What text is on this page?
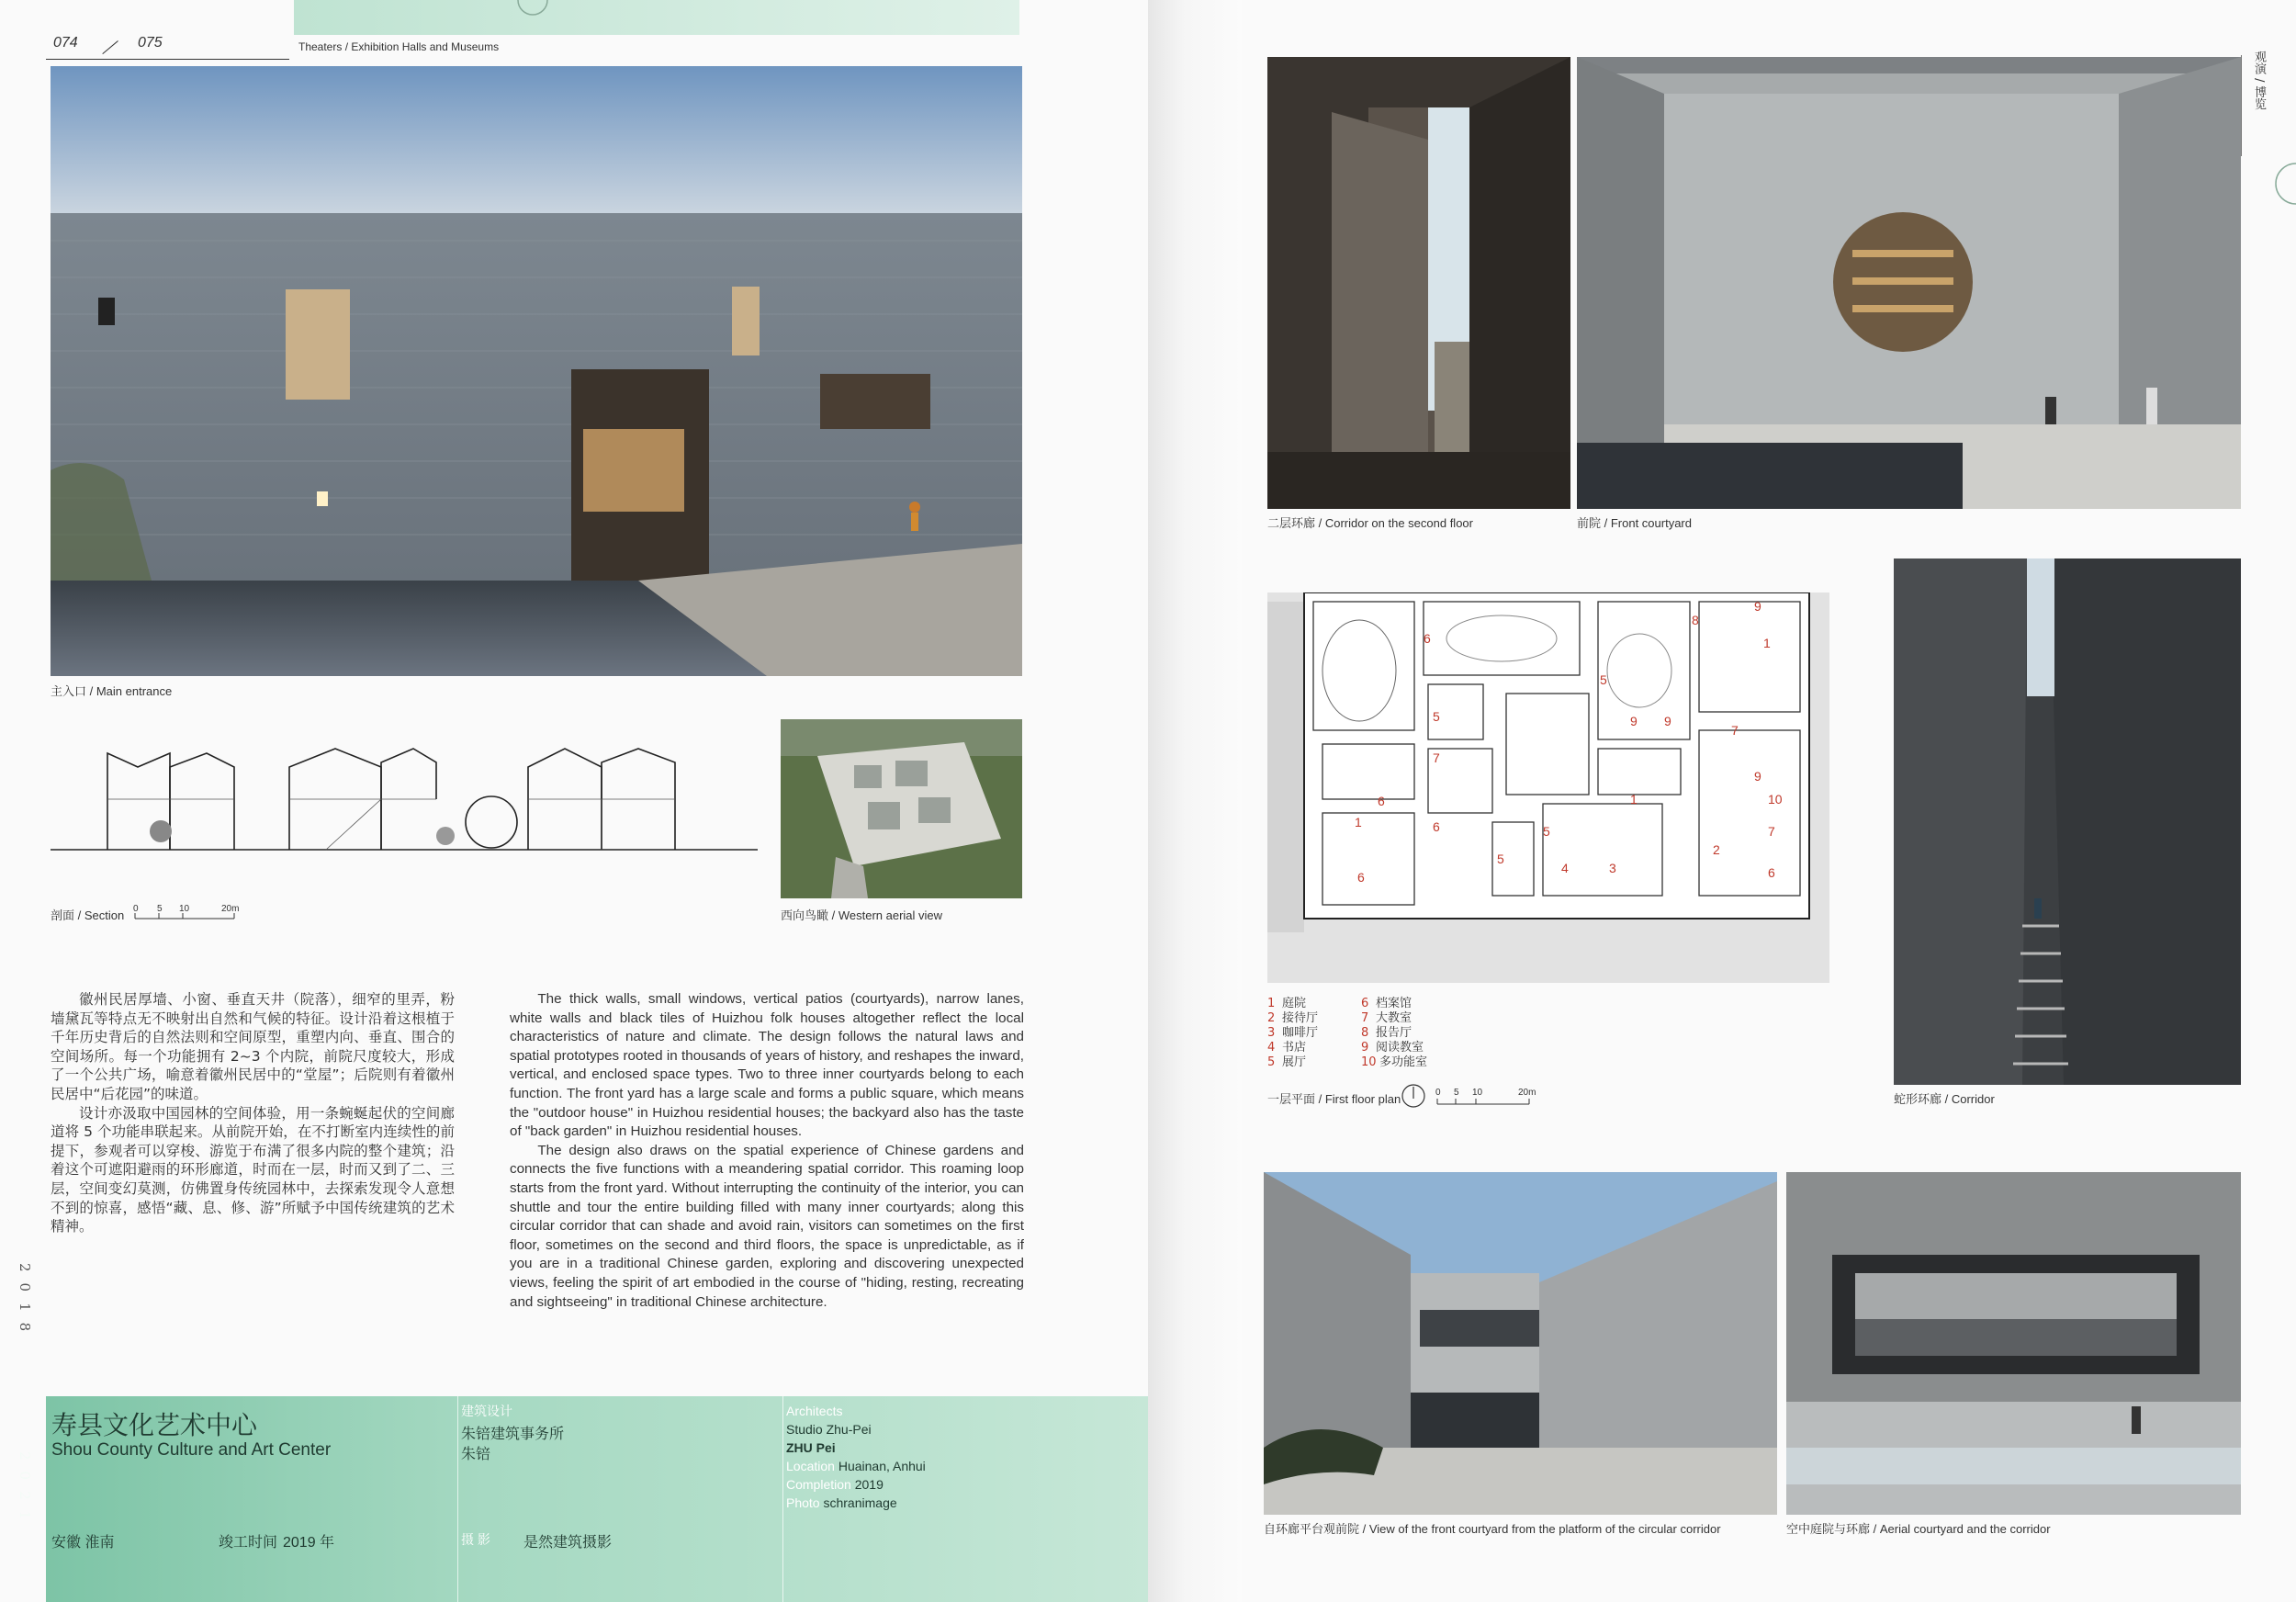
074	075	Theaters / Exhibition Halls and Museums
主入口 / Main entrance
剖面 / Section 0 5 10	20m	西向鸟瞰 / Western aerial view

徽州民居厚墙、小窗、垂直天井（院落），细窄的里弄，粉墙黛瓦等特点无不映射出自然和气候的特征。设计沿着这根植于千年历史背后的自然法则和空间原型，重塑内向、垂直、围合的空间场所。每一个功能拥有 2~3 个内院，前院尺度较大，形成了一个公共广场，喻意着徽州民居中的“堂屋”；后院则有着徽州民居中“后花园”的味道。

设计亦汲取中国园林的空间体验，用一条蜿蜒起伏的空间廊道将 5 个功能串联起来。从前院开始，在不打断室内连续性的前提下，参观者可以穿梭、游览于布满了很多内院的整个建筑；沿着这个可遮阳避雨的环形廊道，时而在一层，时而又到了二、三层，空间变幻莫测，仿佛置身传统园林中，去探索发现令人意想不到的惊喜，感悟“藏、息、修、游”所赋予中国传统建筑的艺术精神。

The thick walls, small windows, vertical patios (courtyards), narrow lanes, white walls and black tiles of Huizhou folk houses altogether reflect the local characteristics of nature and climate. The design follows the natural laws and spatial prototypes rooted in thousands of years of history, and reshapes the inward, vertical, and enclosed space types. Two to three inner courtyards belong to each function. The front yard has a large scale and forms a public square, which means the "outdoor house" in Huizhou residential houses; the backyard also has the taste of "back garden" in Huizhou residential houses.

The design also draws on the spatial experience of Chinese gardens and connects the five functions with a meandering spatial corridor. This roaming loop starts from the front yard. Without interrupting the continuity of the interior, you can shuttle and tour the entire building filled with many inner courtyards; along this circular corridor that can shade and avoid rain, visitors can sometimes on the first floor, sometimes on the second and third floors, the space is unpredictable, as if you are in a traditional Chinese garden, exploring and discovering unexpected views, feeling the spirit of art embodied in the course of "hiding, resting, recreating and sightseeing" in traditional Chinese architecture.

2018
2021
寿县文化艺术中心
Shou County Culture and Art Center
安徽 淮南	竣工时间 2019 年
建筑设计
朱锫建筑事务所
朱锫
摄 影 是然建筑摄影
Architects
Studio Zhu-Pei
ZHU Pei
Location Huainan, Anhui
Completion 2019
Photo schranimage
观演 / 博览
二层环廊 / Corridor on the second floor	前院 / Front courtyard
6	1
8
9
5
9 9
7
5
7
1
6
9
10
1	6	5	7
3
2
4
5
6	6
1 庭院
2 接待厅
3 咖啡厅
4 书店
5 展厅
6 档案馆
7 大教室
8 报告厅
9 阅读教室
10 多功能室
一层平面 / First floor plan	0 5 10	20m	蛇形环廊 / Corridor
自环廊平台观前院 / View of the front courtyard from the platform of the circular corridor	空中庭院与环廊 / Aerial courtyard and the corridor
